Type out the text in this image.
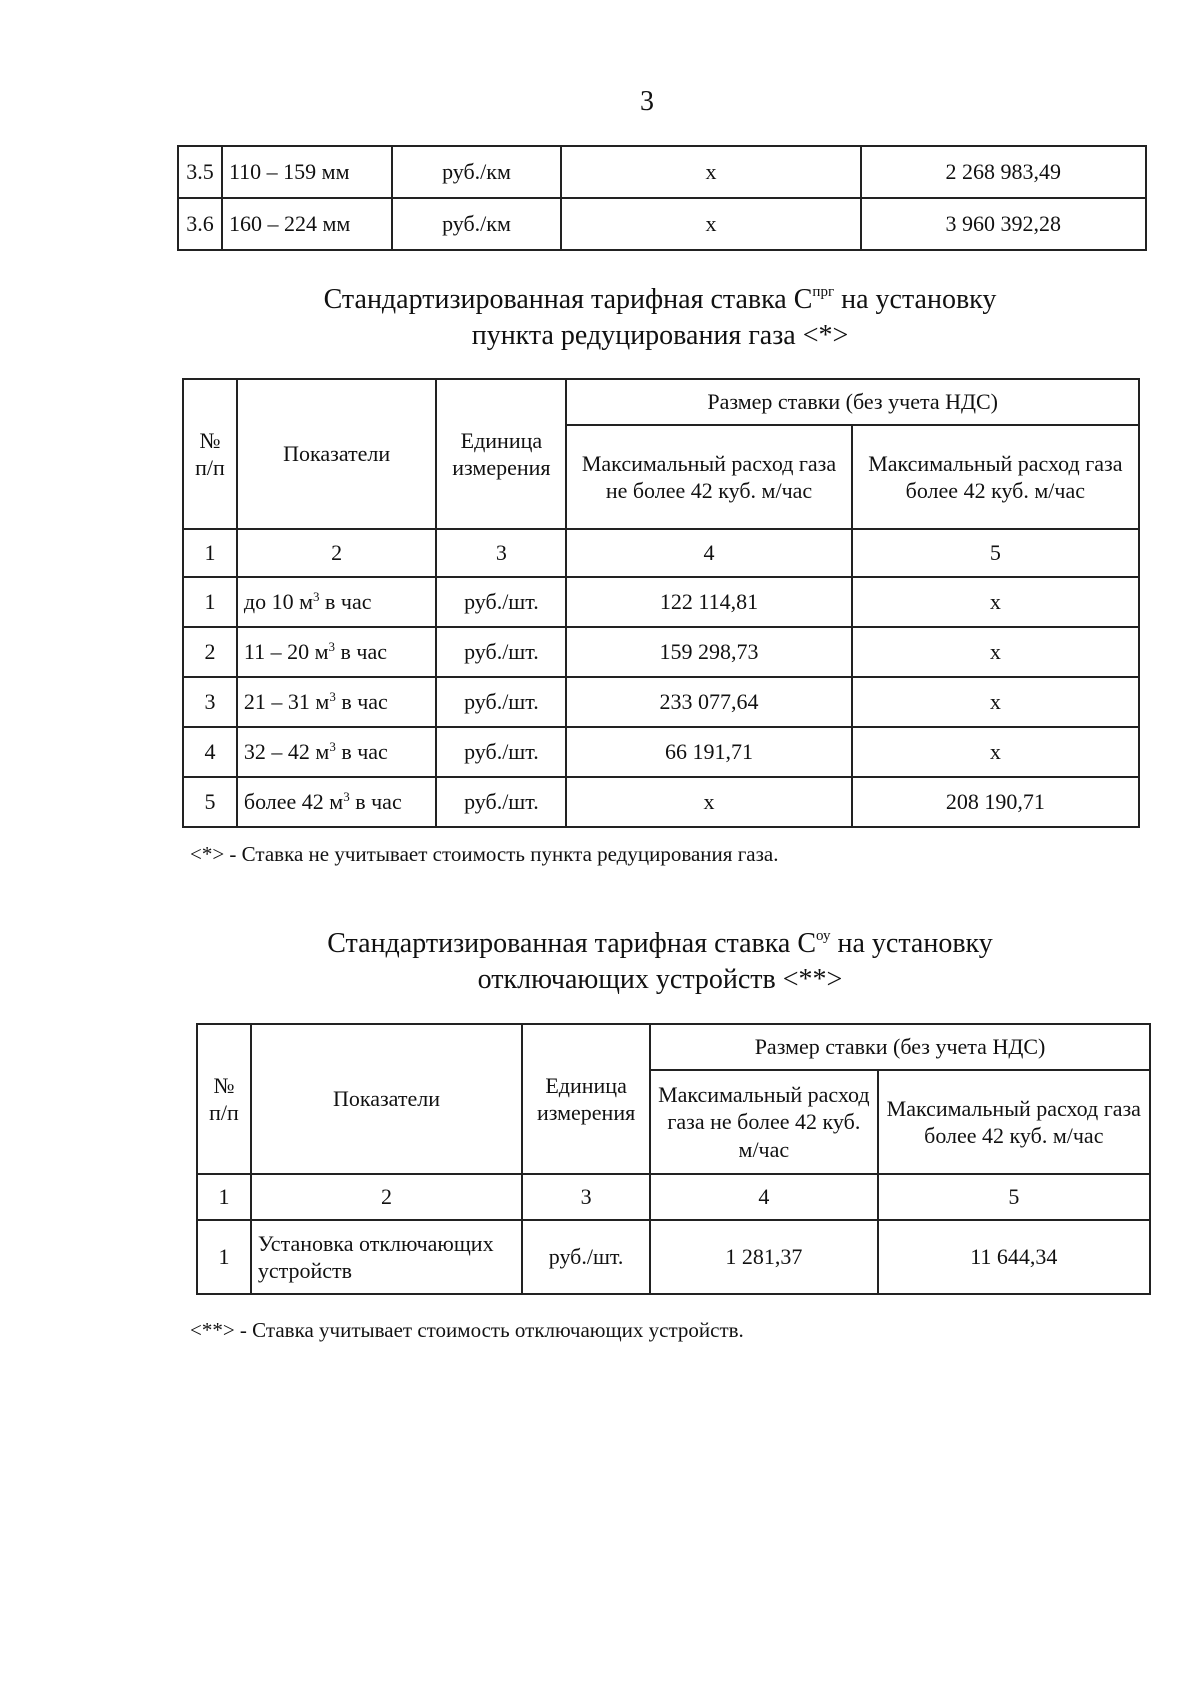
3
3.5	110 – 159 мм	руб./км	х	2 268 983,49
3.6	160 – 224 мм	руб./км	х	3 960 392,28
Стандартизированная тарифная ставка $С^{прг}$ на установку
пункта редуцирования газа <*>
№ п/п	Показатели	Единица измерения	Размер ставки (без учета НДС)	
			Максимальный расход газа не более 42 куб. м/час	Максимальный расход газа более 42 куб. м/час
1	2	3	4	5
1	до 10 $м^3$ в час	руб./шт.	122 114,81	х
2	11 – 20 $м^3$ в час	руб./шт.	159 298,73	х
3	21 – 31 $м^3$ в час	руб./шт.	233 077,64	х
4	32 – 42 $м^3$ в час	руб./шт.	66 191,71	х
5	более 42 $м^3$ в час	руб./шт.	х	208 190,71
<*> - Ставка не учитывает стоимость пункта редуцирования газа.
Стандартизированная тарифная ставка $С^{оу}$ на установку
отключающих устройств <**>
№ п/п	Показатели	Единица измерения	Размер ставки (без учета НДС)	
			Максимальный расход газа не более 42 куб. м/час	Максимальный расход газа более 42 куб. м/час
1	2	3	4	5
1	Установка отключающих устройств	руб./шт.	1 281,37	11 644,34
<**> - Ставка учитывает стоимость отключающих устройств.
